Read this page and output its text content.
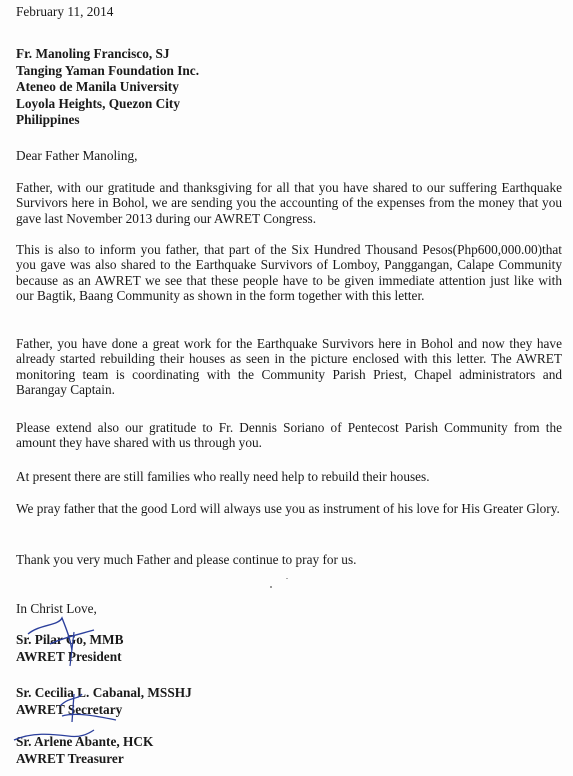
February 11, 2014
Fr. Manoling Francisco, SJ
Tanging Yaman Foundation Inc.
Ateneo de Manila University
Loyola Heights, Quezon City
Philippines
Dear Father Manoling,
Father, with our gratitude and thanksgiving for all that you have shared to our suffering Earthquake Survivors here in Bohol, we are sending you the accounting of the expenses from the money that you gave last November 2013 during our AWRET Congress.
This is also to inform you father, that part of the Six Hundred Thousand Pesos(Php600,000.00)that you gave was also shared to the Earthquake Survivors of Lomboy, Panggangan, Calape Community because as an AWRET we see that these people have to be given immediate attention just like with our Bagtik, Baang Community as shown in the form together with this letter.
Father, you have done a great work for the Earthquake Survivors here in Bohol and now they have already started rebuilding their houses as seen in the picture enclosed with this letter. The AWRET monitoring team is coordinating with the Community Parish Priest, Chapel administrators and Barangay Captain.
Please extend also our gratitude to Fr. Dennis Soriano of Pentecost Parish Community from the amount they have shared with us through you.
At present there are still families who really need help to rebuild their houses.
We pray father that the good Lord will always use you as instrument of his love for His Greater Glory.
Thank you very much Father and please continue to pray for us.
In Christ Love,
Sr. Pilar Go, MMB
AWRET President
Sr. Cecilia L. Cabanal, MSSHJ
AWRET Secretary
Sr. Arlene Abante, HCK
AWRET Treasurer
